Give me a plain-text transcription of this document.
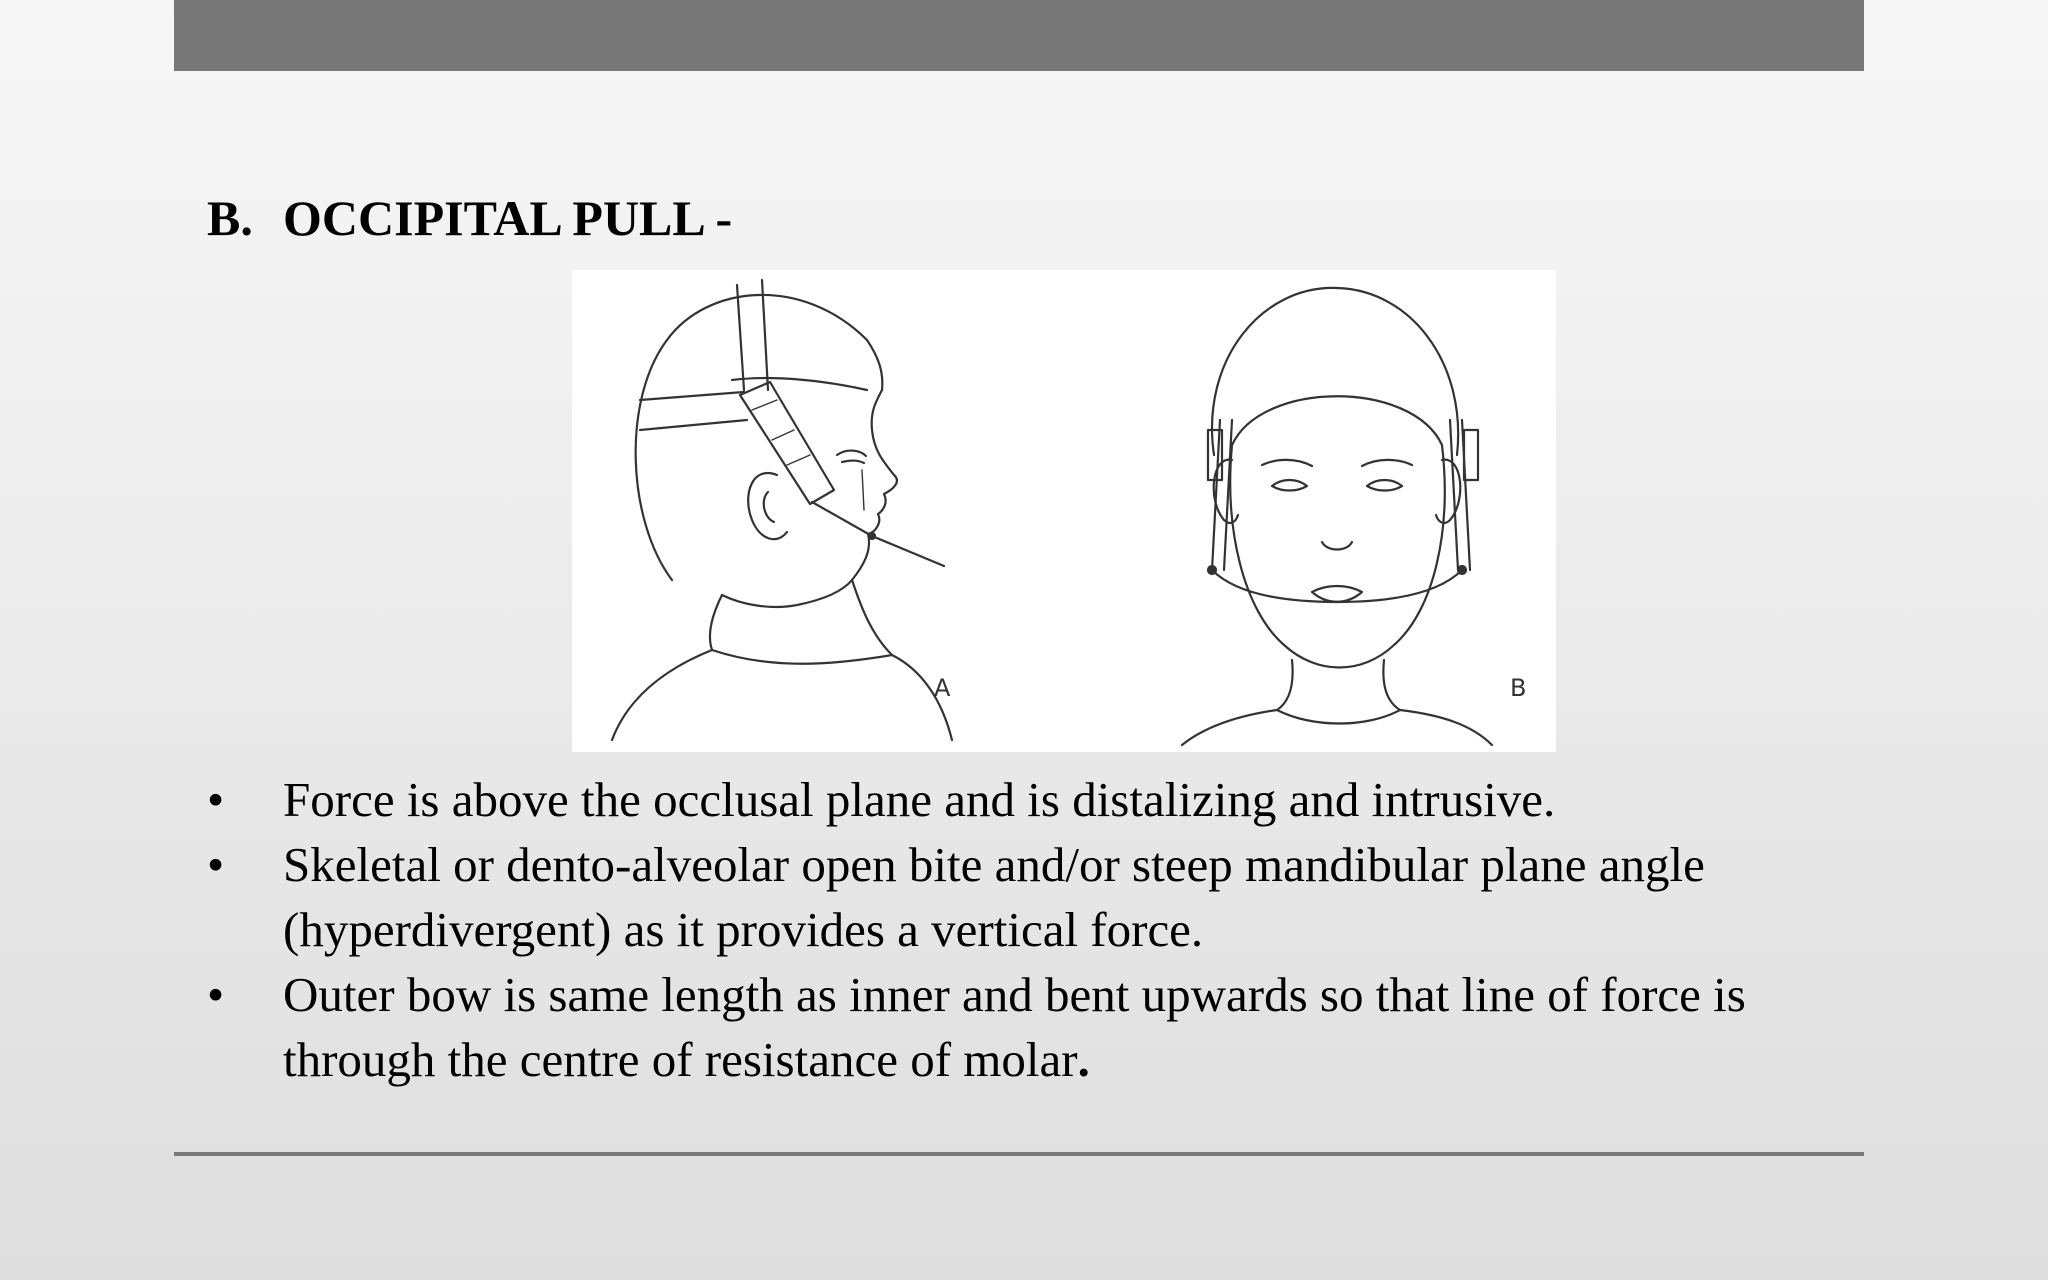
B. OCCIPITAL PULL -
A	B
•	Force is above the occlusal plane and is distalizing and intrusive.
•	Skeletal or dento-alveolar open bite and/or steep mandibular plane angle (hyperdivergent) as it provides a vertical force.
•	Outer bow is same length as inner and bent upwards so that line of force is through the centre of resistance of molar.
